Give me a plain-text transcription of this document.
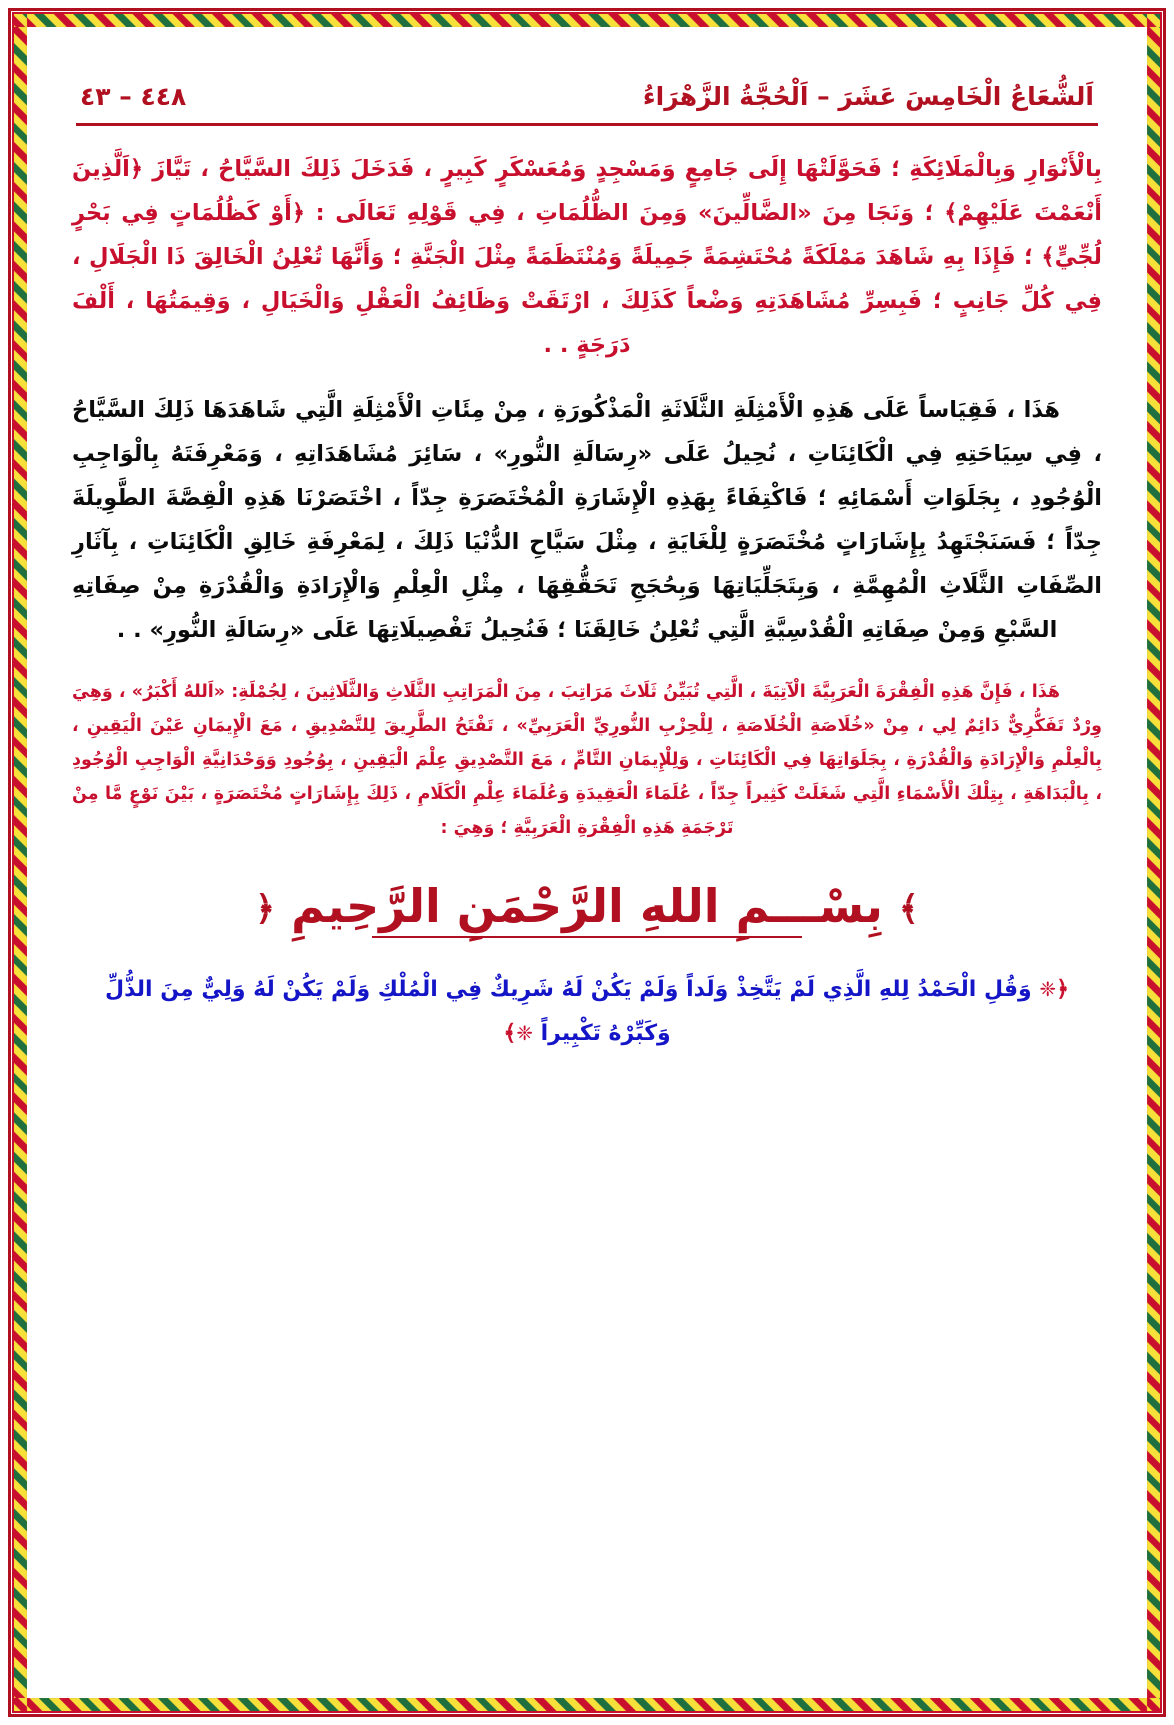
اَلشُّعَاعُ الْخَامِسَ عَشَرَ – اَلْحُجَّةُ الزَّهْرَاءُ
٤٤٨ – ٤٣

بِالْأَنْوَارِ وَبِالْمَلَائِكَةِ ؛ فَحَوَّلَتْهَا إِلَى جَامِعٍ وَمَسْجِدٍ وَمُعَسْكَرٍ كَبِيرٍ ، فَدَخَلَ ذَلِكَ السَّيَّاحُ ، تَيَّازَ ﴿اَلَّذِينَ أَنْعَمْتَ عَلَيْهِمْ﴾ ؛ وَنَجَا مِنَ «الضَّالِّينَ» وَمِنَ الظُّلُمَاتِ ، فِي قَوْلِهِ تَعَالَى : ﴿أَوْ كَظُلُمَاتٍ فِي بَحْرٍ لُجِّيٍّ﴾ ؛ فَإِذَا بِهِ شَاهَدَ مَمْلَكَةً مُحْتَشِمَةً جَمِيلَةً وَمُنْتَظَمَةً مِثْلَ الْجَنَّةِ ؛ وَأَنَّهَا تُعْلِنُ الْخَالِقَ ذَا الْجَلَالِ ، فِي كُلِّ جَانِبٍ ؛ فَبِسِرِّ مُشَاهَدَتِهِ وَضْعاً كَذَلِكَ ، ارْتَقَتْ وَظَائِفُ الْعَقْلِ وَالْخَيَالِ ، وَقِيمَتُهَا ، أَلْفَ دَرَجَةٍ . .

هَذَا ، فَقِيَاساً عَلَى هَذِهِ الْأَمْثِلَةِ الثَّلَاثَةِ الْمَذْكُورَةِ ، مِنْ مِئَاتِ الْأَمْثِلَةِ الَّتِي شَاهَدَهَا ذَلِكَ السَّيَّاحُ ، فِي سِيَاحَتِهِ فِي الْكَائِنَاتِ ، نُحِيلُ عَلَى «رِسَالَةِ النُّورِ» ، سَائِرَ مُشَاهَدَاتِهِ ، وَمَعْرِفَتَهُ بِالْوَاجِبِ الْوُجُودِ ، بِجَلَوَاتِ أَسْمَائِهِ ؛ فَاكْتِفَاءً بِهَذِهِ الْإِشَارَةِ الْمُخْتَصَرَةِ جِدّاً ، اخْتَصَرْنَا هَذِهِ الْقِصَّةَ الطَّوِيلَةَ جِدّاً ؛ فَسَنَجْتَهِدُ بِإِشَارَاتٍ مُخْتَصَرَةٍ لِلْغَايَةِ ، مِثْلَ سَيَّاحِ الدُّنْيَا ذَلِكَ ، لِمَعْرِفَةِ خَالِقِ الْكَائِنَاتِ ، بِآثَارِ الصِّفَاتِ الثَّلَاثِ الْمُهِمَّةِ ، وَبِتَجَلِّيَاتِهَا وَبِحُجَجِ تَحَقُّقِهَا ، مِثْلِ الْعِلْمِ وَالْإِرَادَةِ وَالْقُدْرَةِ مِنْ صِفَاتِهِ السَّبْعِ وَمِنْ صِفَاتِهِ الْقُدْسِيَّةِ الَّتِي تُعْلِنُ خَالِقَنَا ؛ فَنُحِيلُ تَفْصِيلَاتِهَا عَلَى «رِسَالَةِ النُّورِ» . .

هَذَا ، فَإِنَّ هَذِهِ الْفِقْرَةَ الْعَرَبِيَّةَ الْآتِيَةَ ، الَّتِي تُبَيِّنُ ثَلَاثَ مَرَاتِبَ ، مِنَ الْمَرَاتِبِ الثَّلَاثِ وَالثَّلَاثِينَ ، لِجُمْلَةِ: «اَللهُ أَكْبَرُ» ، وَهِيَ وِرْدٌ تَفَكُّرِيٌّ دَائِمٌ لِي ، مِنْ «خُلَاصَةِ الْخُلَاصَةِ ، لِلْحِزْبِ النُّورِيِّ الْعَرَبِيِّ» ، تَفْتَحُ الطَّرِيقَ لِلتَّصْدِيقِ ، مَعَ الْإِيمَانِ عَيْنَ الْيَقِينِ ، بِالْعِلْمِ وَالْإِرَادَةِ وَالْقُدْرَةِ ، بِجَلَوَاتِهَا فِي الْكَائِنَاتِ ، وَلِلْإِيمَانِ التَّامِّ ، مَعَ التَّصْدِيقِ عِلْمَ الْيَقِينِ ، بِوُجُودِ وَوَحْدَانِيَّةِ الْوَاجِبِ الْوُجُودِ ، بِالْبَدَاهَةِ ، بِتِلْكَ الْأَسْمَاءِ الَّتِي شَغَلَتْ كَثِيراً جِدّاً ، عُلَمَاءَ الْعَقِيدَةِ وَعُلَمَاءَ عِلْمِ الْكَلَامِ ، ذَلِكَ بِإِشَارَاتٍ مُخْتَصَرَةٍ ، بَيْنَ نَوْعٍ مَّا مِنْ تَرْجَمَةِ هَذِهِ الْفِقْرَةِ الْعَرَبِيَّةِ ؛ وَهِيَ :

﴾ بِسْـــمِ اللهِ الرَّحْمَنِ الرَّحِيمِ ﴿
﴿❈ وَقُلِ الْحَمْدُ لِلهِ الَّذِي لَمْ يَتَّخِذْ وَلَداً وَلَمْ يَكُنْ لَهُ شَرِيكٌ فِي الْمُلْكِ وَلَمْ يَكُنْ لَهُ وَلِيٌّ مِنَ الذُّلِّ وَكَبِّرْهُ تَكْبِيراً ❈﴾
